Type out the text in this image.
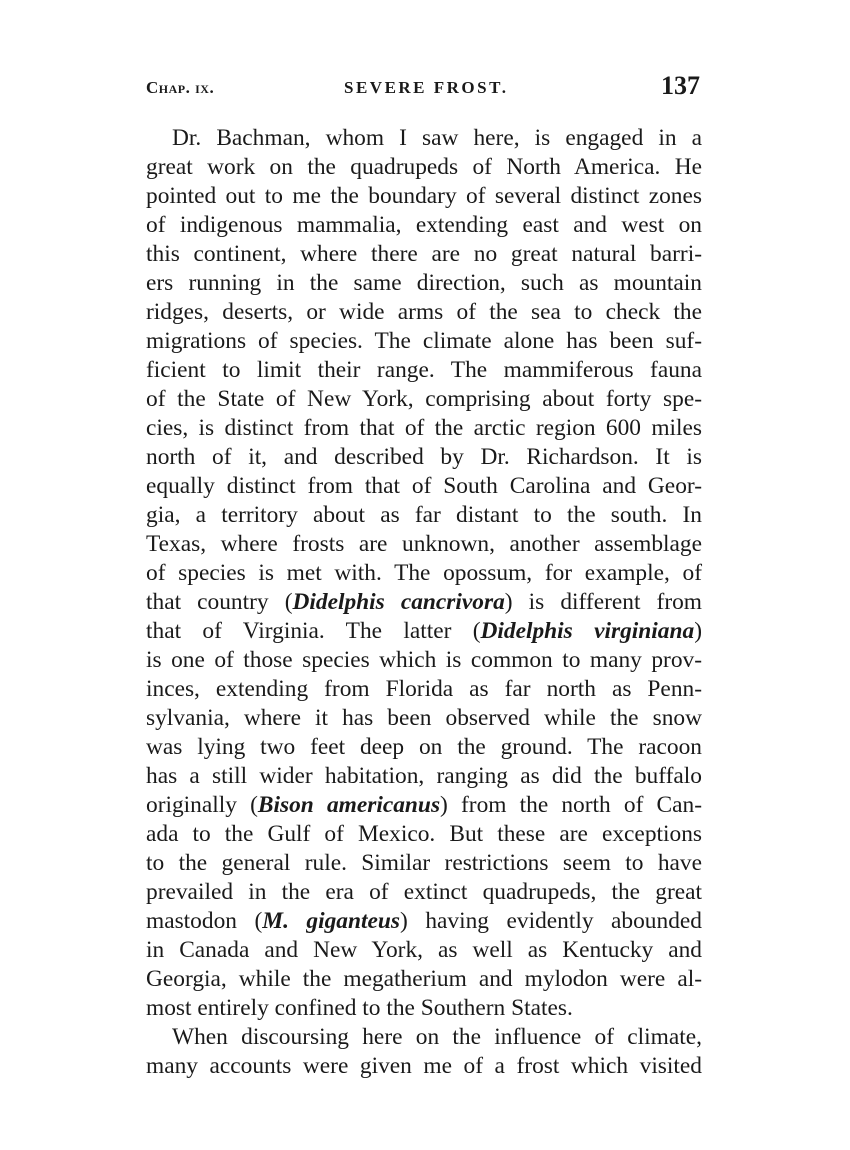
Chap. ix.	SEVERE FROST.	137
Dr. Bachman, whom I saw here, is engaged in a
great work on the quadrupeds of North America. He
pointed out to me the boundary of several distinct zones
of indigenous mammalia, extending east and west on
this continent, where there are no great natural barri-
ers running in the same direction, such as mountain
ridges, deserts, or wide arms of the sea to check the
migrations of species. The climate alone has been suf-
ficient to limit their range. The mammiferous fauna
of the State of New York, comprising about forty spe-
cies, is distinct from that of the arctic region 600 miles
north of it, and described by Dr. Richardson. It is
equally distinct from that of South Carolina and Geor-
gia, a territory about as far distant to the south. In
Texas, where frosts are unknown, another assemblage
of species is met with. The opossum, for example, of
that country (Didelphis cancrivora) is different from
that of Virginia. The latter (Didelphis virginiana)
is one of those species which is common to many prov-
inces, extending from Florida as far north as Penn-
sylvania, where it has been observed while the snow
was lying two feet deep on the ground. The racoon
has a still wider habitation, ranging as did the buffalo
originally (Bison americanus) from the north of Can-
ada to the Gulf of Mexico. But these are exceptions
to the general rule. Similar restrictions seem to have
prevailed in the era of extinct quadrupeds, the great
mastodon (M. giganteus) having evidently abounded
in Canada and New York, as well as Kentucky and
Georgia, while the megatherium and mylodon were al-
most entirely confined to the Southern States.
When discoursing here on the influence of climate,
many accounts were given me of a frost which visited
